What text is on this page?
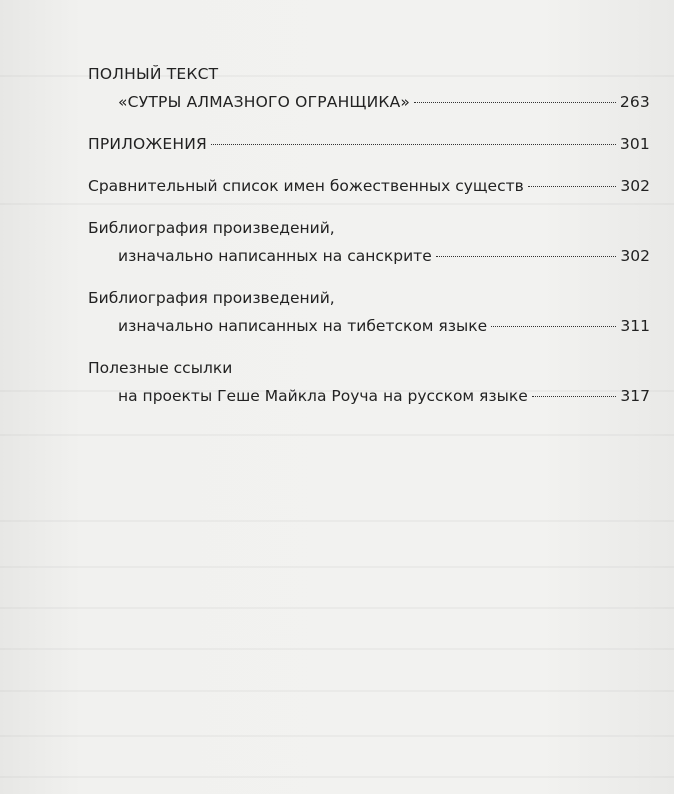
ПОЛНЫЙ ТЕКСТ
«СУТРЫ АЛМАЗНОГО ОГРАНЩИКА»	263
ПРИЛОЖЕНИЯ	301
Сравнительный список имен божественных существ	302
Библиография произведений,
изначально написанных на санскрите	302
Библиография произведений,
изначально написанных на тибетском языке	311
Полезные ссылки
на проекты Геше Майкла Роуча на русском языке	317
